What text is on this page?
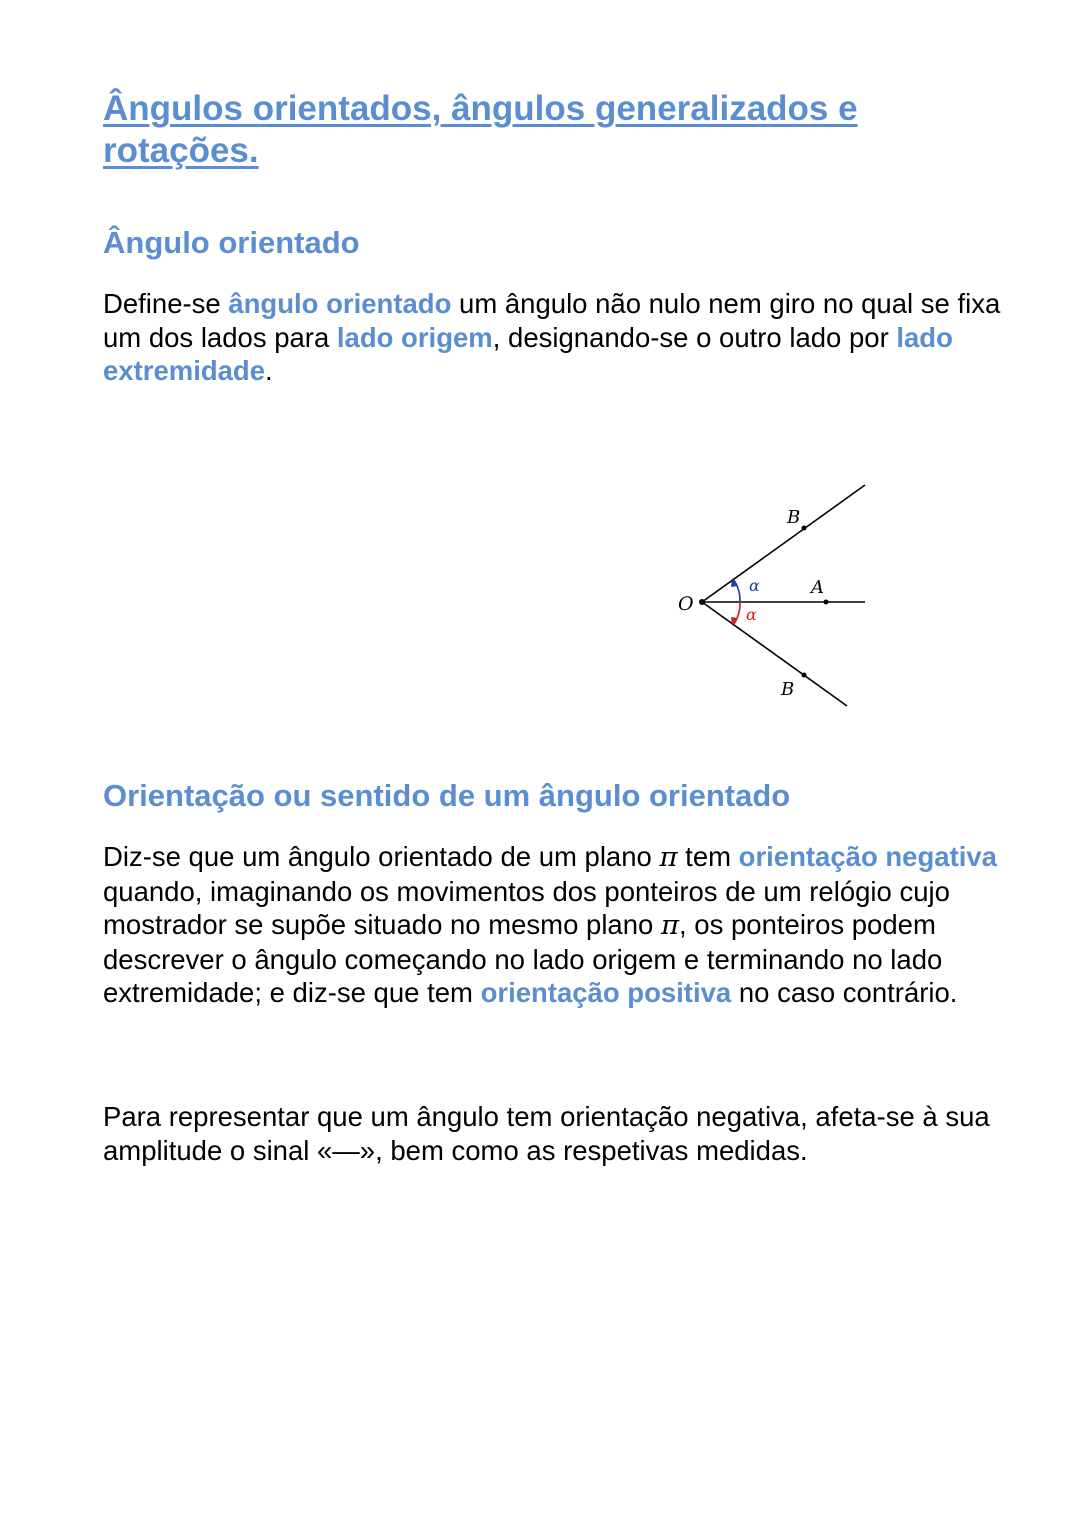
Ângulos orientados, ângulos generalizados e rotações.
Ângulo orientado

Define-se ângulo orientado um ângulo não nulo nem giro no qual se fixa um dos lados para lado origem, designando-se o outro lado por lado extremidade.

Orientação ou sentido de um ângulo orientado

Diz-se que um ângulo orientado de um plano π tem orientação negativa quando, imaginando os movimentos dos ponteiros de um relógio cujo mostrador se supõe situado no mesmo plano π, os ponteiros podem descrever o ângulo começando no lado origem e terminando no lado extremidade; e diz-se que tem orientação positiva no caso contrário.

Para representar que um ângulo tem orientação negativa, afeta-se à sua amplitude o sinal «—», bem como as respetivas medidas.

O
A
B
B
α
α
